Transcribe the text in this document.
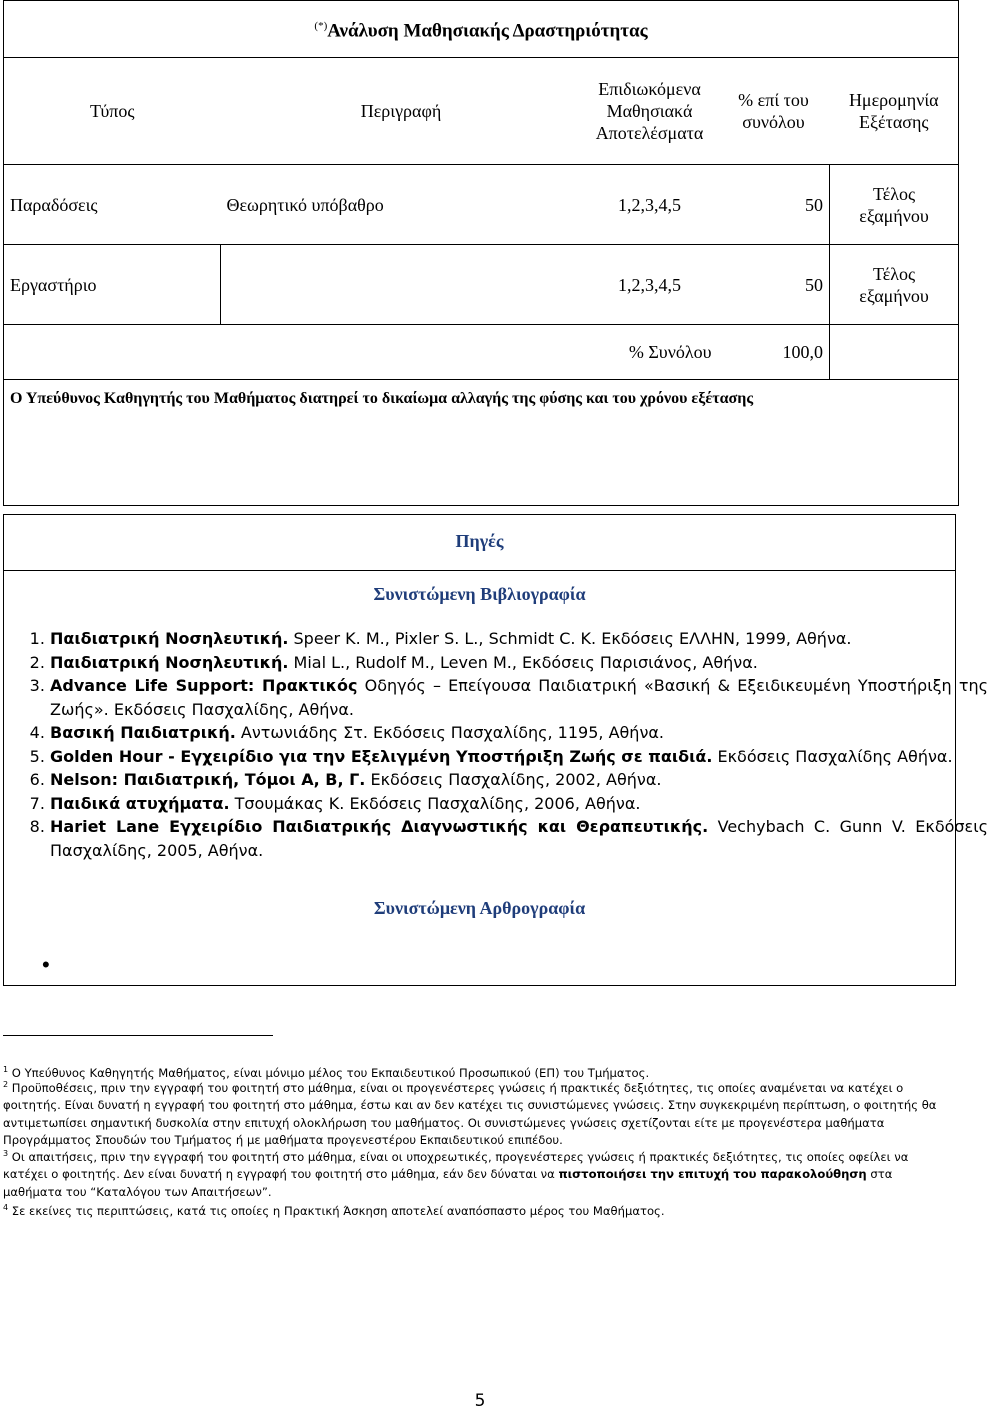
(*)Ανάλυση Μαθησιακής Δραστηριότητας				
Τύπος	Περιγραφή	Επιδιωκόμενα Μαθησιακά Αποτελέσματα	% επί του συνόλου	Ημερομηνία Εξέτασης
Παραδόσεις	Θεωρητικό υπόβαθρο	1,2,3,4,5	50	Τέλος εξαμήνου
Εργαστήριο		1,2,3,4,5	50	Τέλος εξαμήνου
% Συνόλου			100,0	
Ο Υπεύθυνος Καθηγητής του Μαθήματος διατηρεί το δικαίωμα αλλαγής της φύσης και του χρόνου εξέτασης				
Πηγές
Συνιστώμενη Βιβλιογραφία
1. Παιδιατρική Νοσηλευτική. Speer K. M., Pixler S. L., Schmidt C. K. Εκδόσεις ΕΛΛΗΝ, 1999, Αθήνα.
2. Παιδιατρική Νοσηλευτική. Mial L., Rudolf M., Leven M., Εκδόσεις Παρισιάνος, Αθήνα.
3. Advance Life Support: Πρακτικός Οδηγός – Επείγουσα Παιδιατρική «Βασική & Εξειδικευμένη Υποστήριξη της Ζωής». Εκδόσεις Πασχαλίδης, Αθήνα.
4. Βασική Παιδιατρική. Αντωνιάδης Στ. Εκδόσεις Πασχαλίδης, 1195, Αθήνα.
5. Golden Hour - Εγχειρίδιο για την Εξελιγμένη Υποστήριξη Ζωής σε παιδιά. Εκδόσεις Πασχαλίδης Αθήνα.
6. Nelson: Παιδιατρική, Τόμοι Α, Β, Γ. Εκδόσεις Πασχαλίδης, 2002, Αθήνα.
7. Παιδικά ατυχήματα. Τσουμάκας Κ. Εκδόσεις Πασχαλίδης, 2006, Αθήνα.
8. Hariet Lane Εγχειρίδιο Παιδιατρικής Διαγνωστικής και Θεραπευτικής. Vechybach C. Gunn V. Εκδόσεις Πασχαλίδης, 2005, Αθήνα.
Συνιστώμενη Αρθρογραφία
•
$^1$ Ο Υπεύθυνος Καθηγητής Μαθήματος, είναι μόνιμο μέλος του Εκπαιδευτικού Προσωπικού (ΕΠ) του Τμήματος.
$^2$ Προϋποθέσεις, πριν την εγγραφή του φοιτητή στο μάθημα, είναι οι προγενέστερες γνώσεις ή πρακτικές δεξιότητες, τις οποίες αναμένεται να κατέχει ο φοιτητής. Είναι δυνατή η εγγραφή του φοιτητή στο μάθημα, έστω και αν δεν κατέχει τις συνιστώμενες γνώσεις. Στην συγκεκριμένη περίπτωση, ο φοιτητής θα αντιμετωπίσει σημαντική δυσκολία στην επιτυχή ολοκλήρωση του μαθήματος. Οι συνιστώμενες γνώσεις σχετίζονται είτε με προγενέστερα μαθήματα Προγράμματος Σπουδών του Τμήματος ή με μαθήματα προγενεστέρου Εκπαιδευτικού επιπέδου.
$^3$ Οι απαιτήσεις, πριν την εγγραφή του φοιτητή στο μάθημα, είναι οι υποχρεωτικές, προγενέστερες γνώσεις ή πρακτικές δεξιότητες, τις οποίες οφείλει να κατέχει ο φοιτητής. Δεν είναι δυνατή η εγγραφή του φοιτητή στο μάθημα, εάν δεν δύναται να πιστοποιήσει την επιτυχή του παρακολούθηση στα μαθήματα του “Καταλόγου των Απαιτήσεων”.
$^4$ Σε εκείνες τις περιπτώσεις, κατά τις οποίες η Πρακτική Άσκηση αποτελεί αναπόσπαστο μέρος του Μαθήματος.
5
